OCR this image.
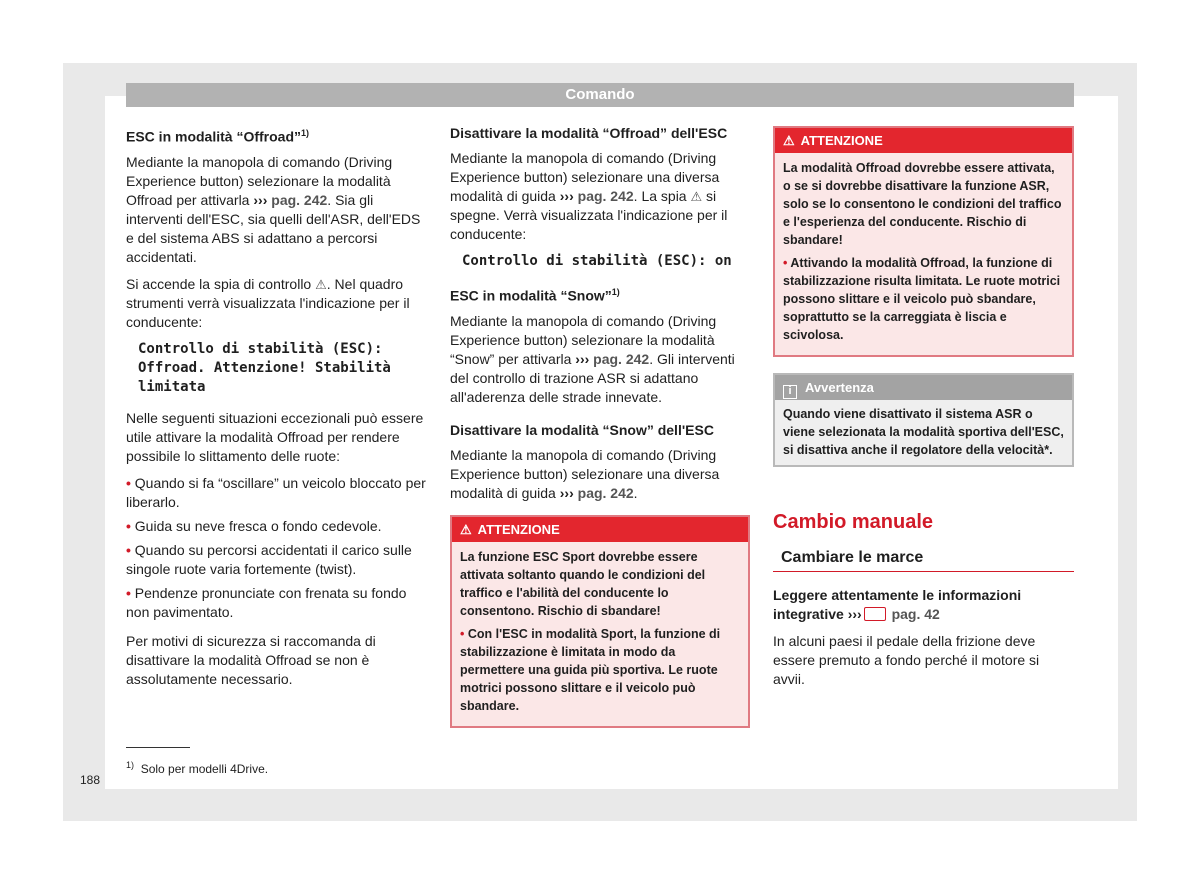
Comando
ESC in modalità “Offroad”$^{1)}$

Mediante la manopola di comando (Driving Experience button) selezionare la modalità Offroad per attivarla ››› pag. 242. Sia gli interventi dell'ESC, sia quelli dell'ASR, dell'EDS e del sistema ABS si adattano a percorsi accidentati.

Si accende la spia di controllo ⚠. Nel quadro strumenti verrà visualizzata l'indicazione per il conducente:

Controllo di stabilità (ESC): Offroad. Attenzione! Stabilità limitata

Nelle seguenti situazioni eccezionali può essere utile attivare la modalità Offroad per rendere possibile lo slittamento delle ruote:

• Quando si fa “oscillare” un veicolo bloccato per liberarlo.
• Guida su neve fresca o fondo cedevole.
• Quando su percorsi accidentati il carico sulle singole ruote varia fortemente (twist).
• Pendenze pronunciate con frenata su fondo non pavimentato.

Per motivi di sicurezza si raccomanda di disattivare la modalità Offroad se non è assolutamente necessario.

Disattivare la modalità “Offroad” dell'ESC

Mediante la manopola di comando (Driving Experience button) selezionare una diversa modalità di guida ››› pag. 242. La spia ⚠ si spegne. Verrà visualizzata l'indicazione per il conducente:

Controllo di stabilità (ESC): on
ESC in modalità “Snow”$^{1)}$

Mediante la manopola di comando (Driving Experience button) selezionare la modalità “Snow” per attivarla ››› pag. 242. Gli interventi del controllo di trazione ASR si adattano all'aderenza delle strade innevate.

Disattivare la modalità “Snow” dell'ESC

Mediante la manopola di comando (Driving Experience button) selezionare una diversa modalità di guida ››› pag. 242.

⚠ ATTENZIONE

La funzione ESC Sport dovrebbe essere attivata soltanto quando le condizioni del traffico e l'abilità del conducente lo consentono. Rischio di sbandare!

• Con l'ESC in modalità Sport, la funzione di stabilizzazione è limitata in modo da permettere una guida più sportiva. Le ruote motrici possono slittare e il veicolo può sbandare.

⚠ ATTENZIONE

La modalità Offroad dovrebbe essere attivata, o se si dovrebbe disattivare la funzione ASR, solo se lo consentono le condizioni del traffico e l'esperienza del conducente. Rischio di sbandare!

• Attivando la modalità Offroad, la funzione di stabilizzazione risulta limitata. Le ruote motrici possono slittare e il veicolo può sbandare, soprattutto se la carreggiata è liscia e scivolosa.

i Avvertenza
Quando viene disattivato il sistema ASR o viene selezionata la modalità sportiva dell'ESC, si disattiva anche il regolatore della velocità*.
Cambio manuale
Cambiare le marce
Leggere attentamente le informazioni integrative ››› pag. 42

In alcuni paesi il pedale della frizione deve essere premuto a fondo perché il motore si avvii.

$^{1)}$ Solo per modelli 4Drive.
188
